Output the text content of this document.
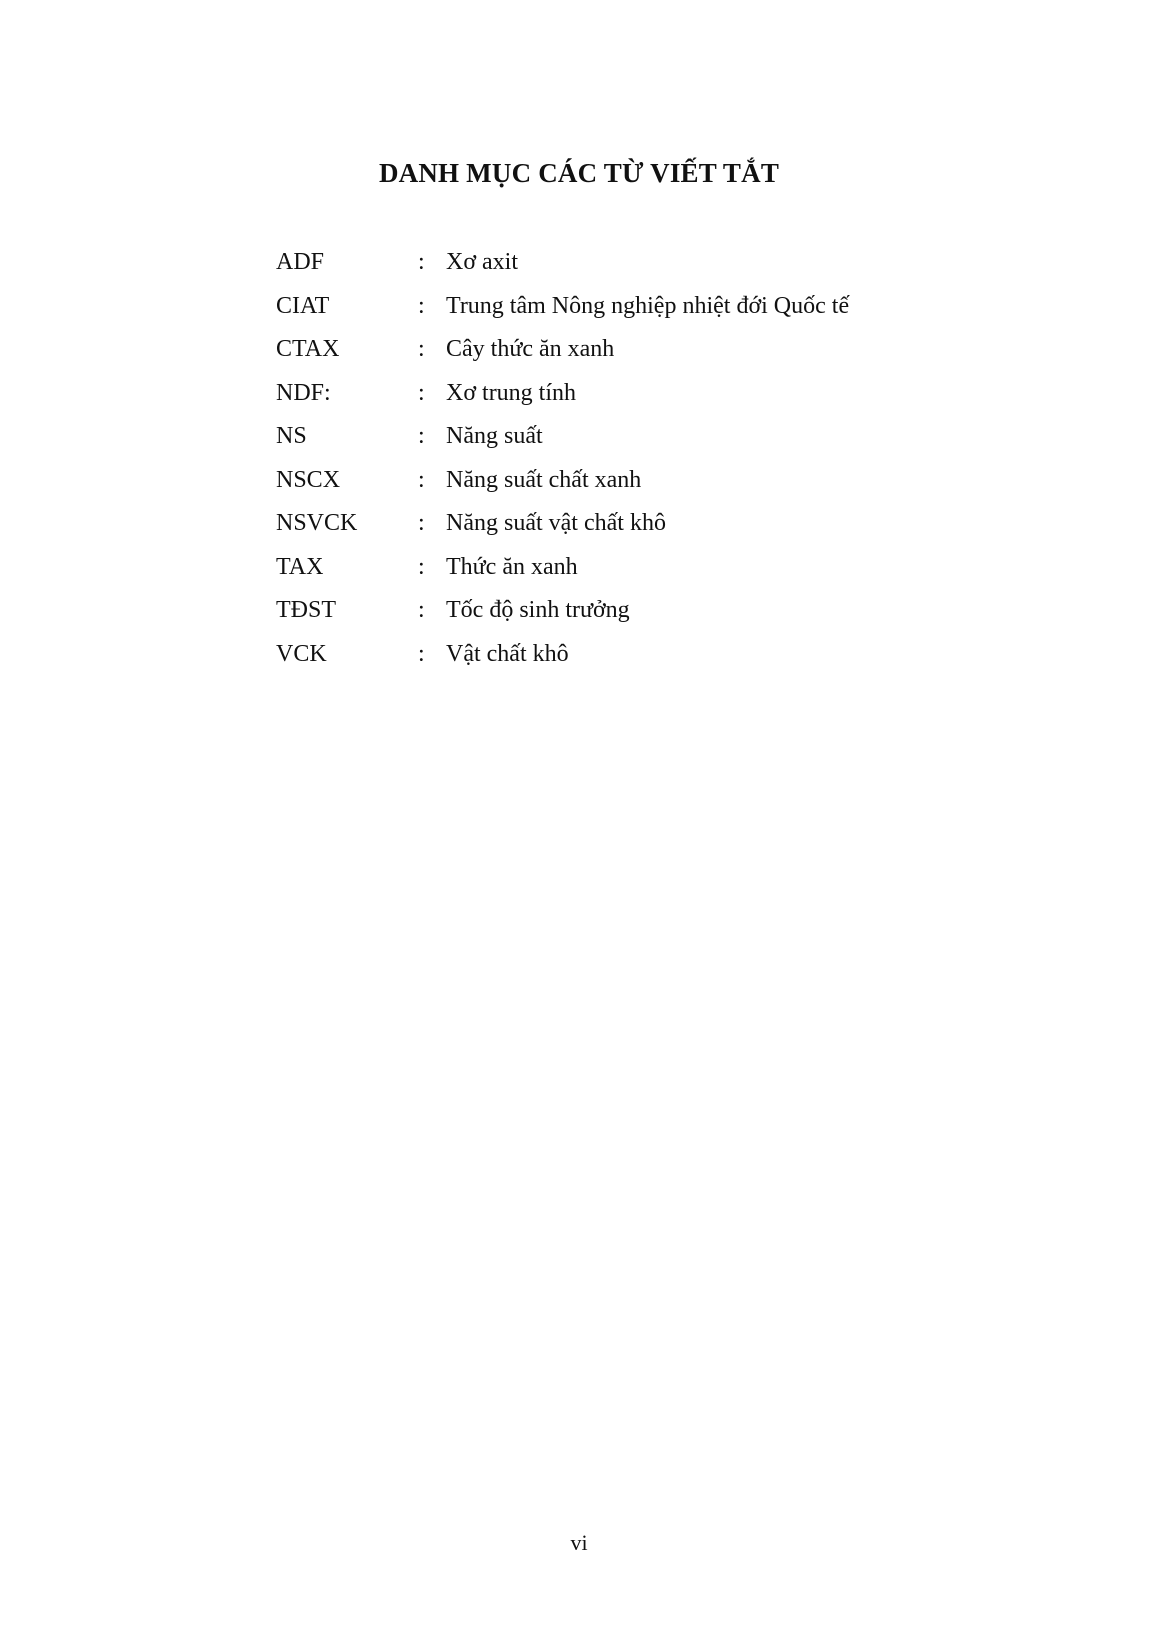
DANH MỤC CÁC TỪ VIẾT TẮT
ADF	: Xơ axit
CIAT	: Trung tâm Nông nghiệp nhiệt đới Quốc tế
CTAX	: Cây thức ăn xanh
NDF:	: Xơ trung tính
NS	: Năng suất
NSCX	: Năng suất chất xanh
NSVCK	: Năng suất vật chất khô
TAX	: Thức ăn xanh
TĐST	: Tốc độ sinh trưởng
VCK	: Vật chất khô
vi
